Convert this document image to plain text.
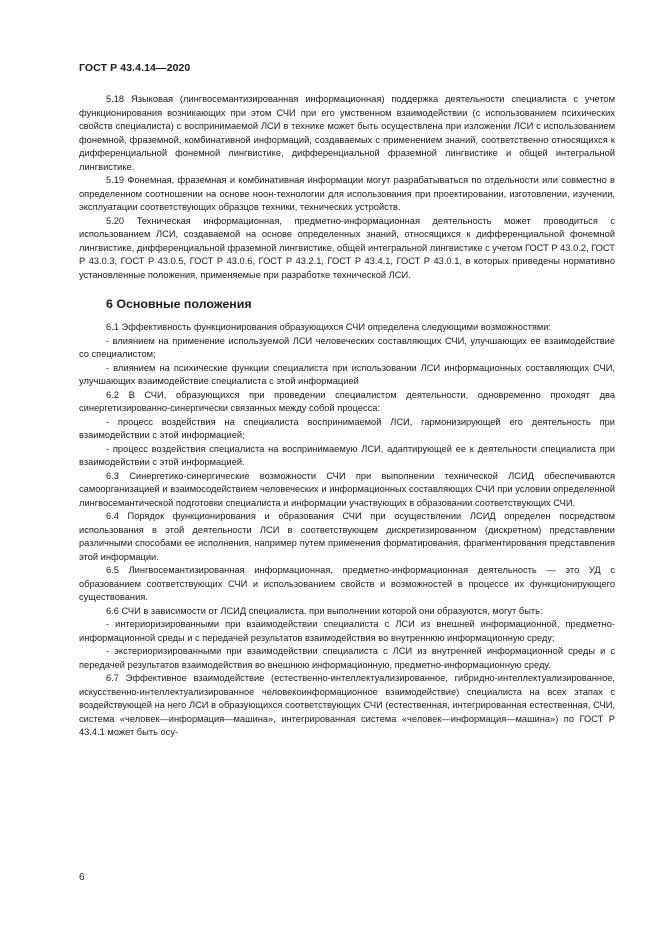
ГОСТ Р 43.4.14—2020

5.18 Языковая (лингвосемантизированная информационная) поддержка деятельности специалиста с учетом функционирования возникающих при этом СЧИ при его умственном взаимодействии (с использованием психических свойств специалиста) с воспринимаемой ЛСИ в технике может быть осуществлена при изложении ЛСИ с использованием фонемной, фраземной, комбинативной информаций, создаваемых с применением знаний, соответственно относящихся к дифференциальной фонемной лингвистике, дифференциальной фраземной лингвистике и общей интегральной лингвистике.

5.19 Фонемная, фраземная и комбинативная информации могут разрабатываться по отдельности или совместно в определенном соотношении на основе ноон-технологии для использования при проектировании, изготовлении, изучении, эксплуатации соответствующих образцов техники, технических устройств.

5.20 Техническая информационная, предметно-информационная деятельность может проводиться с использованием ЛСИ, создаваемой на основе определенных знаний, относящихся к дифференциальной фонемной лингвистике, дифференциальной фраземной лингвистике, общей интегральной лингвистике с учетом ГОСТ Р 43.0.2, ГОСТ Р 43.0.3, ГОСТ Р 43.0.5, ГОСТ Р 43.0.6, ГОСТ Р 43.2.1, ГОСТ Р 43.4.1, ГОСТ Р 43.0.1, в которых приведены нормативно установленные положения, применяемые при разработке технической ЛСИ.

6 Основные положения

6.1 Эффективность функционирования образующихся СЧИ определена следующими возможностями:

- влиянием на применение используемой ЛСИ человеческих составляющих СЧИ, улучшающих ее взаимодействие со специалистом;

- влиянием на психические функции специалиста при использовании ЛСИ информационных составляющих СЧИ, улучшающих взаимодействие специалиста с этой информацией

6.2 В СЧИ, образующихся при проведении специалистом деятельности, одновременно проходят два синергетизированно-синергически связанных между собой процесса:

- процесс воздействия на специалиста воспринимаемой ЛСИ, гармонизирующей его деятельность при взаимодействии с этой информацией;

- процесс воздействия специалиста на воспринимаемую ЛСИ, адаптирующей ее к деятельности специалиста при взаимодействии с этой информацией.

6.3 Синергетико-синергические возможности СЧИ при выполнении технической ЛСИД обеспечиваются самоорганизацией и взаимосодействием человеческих и информационных составляющих СЧИ при условии определенной лингвосемантической подготовки специалиста и информации участвующих в образовании соответствующих СЧИ.

6.4 Порядок функционирования и образования СЧИ при осуществлении ЛСИД определен посредством использования в этой деятельности ЛСИ в соответствующем дискретизированном (дискретном) представлении различными способами ее исполнения, например путем применения форматирования, фрагментирования представления этой информации.

6.5 Лингвосемантизированная информационная, предметно-информационная деятельность — это УД с образованием соответствующих СЧИ и использованием свойств и возможностей в процессе их функционирующего существования.

6.6 СЧИ в зависимости от ЛСИД специалиста, при выполнении которой они образуются, могут быть:

- интериоризированными при взаимодействии специалиста с ЛСИ из внешней информационной, предметно-информационной среды и с передачей результатов взаимодействия во внутреннюю информационную среду;

- экстериоризированными при взаимодействии специалиста с ЛСИ из внутренней информационной среды и с передачей результатов взаимодействия во внешнюю информационную, предметно-информационную среду.

6.7 Эффективное взаимодействие (естественно-интеллектуализированное, гибридно-интеллектуализированное, искусственно-интеллектуализированное человекоинформационное взаимодействие) специалиста на всех этапах с воздействующей на него ЛСИ в образующихся соответствующих СЧИ (естественная, интегрированная естественная, СЧИ, система «человек—информация—машина», интегрированная система «человек—информация—машина») по ГОСТ Р 43.4.1 может быть осу-

6
